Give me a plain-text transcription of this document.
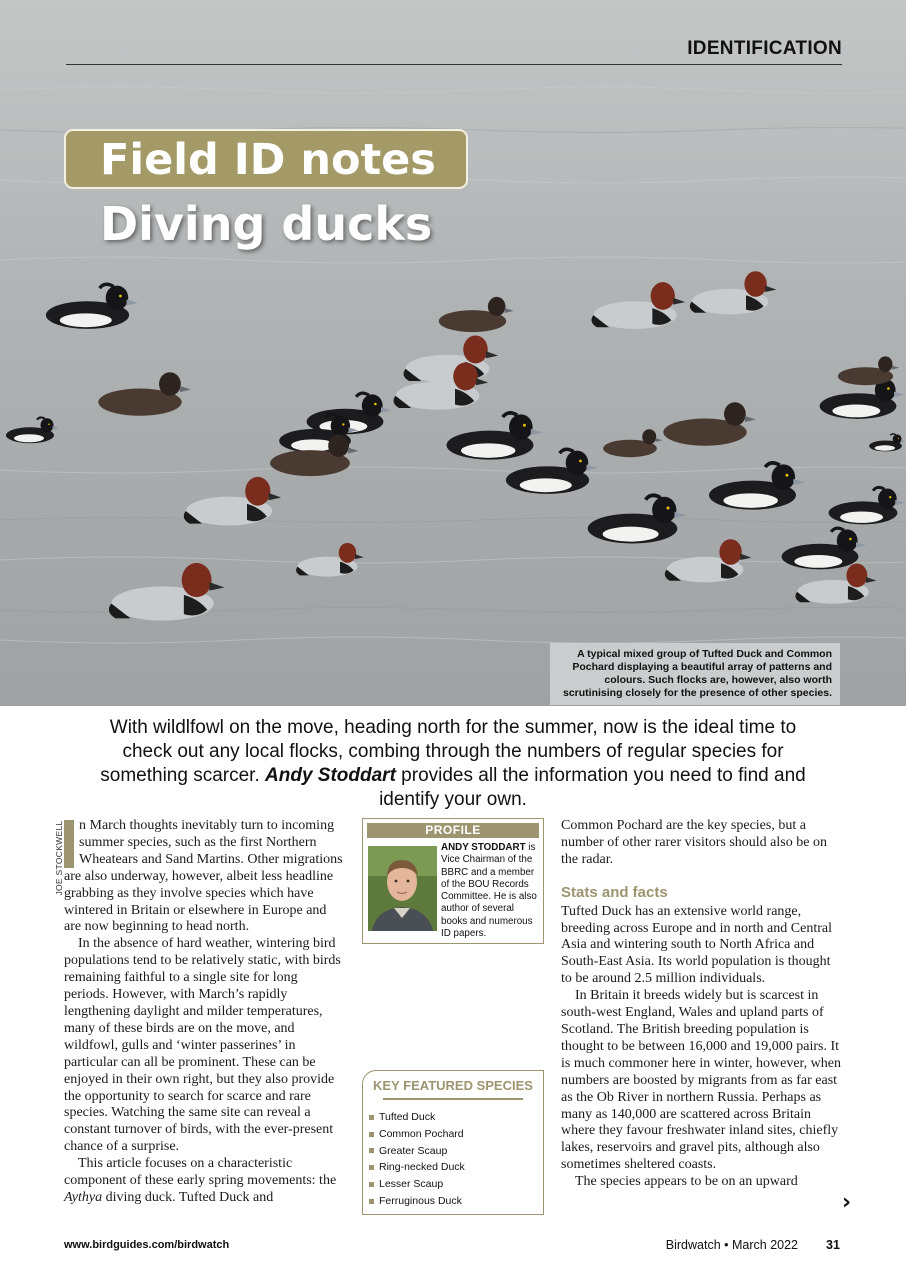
IDENTIFICATION
Field ID notes
Diving ducks
A typical mixed group of Tufted Duck and Common Pochard displaying a beautiful array of patterns and colours. Such flocks are, however, also worth scrutinising closely for the presence of other species.
With wildlfowl on the move, heading north for the summer, now is the ideal time to check out any local flocks, combing through the numbers of regular species for something scarcer. Andy Stoddart provides all the information you need to find and identify your own.
JOE STOCKWELL	n March thoughts inevitably turn to incoming summer species, such as the first Northern Wheatears and Sand Martins. Other migrations are also underway, however, albeit less headline grabbing as they involve species which have wintered in Britain or elsewhere in Europe and are now beginning to head north.

In the absence of hard weather, wintering bird populations tend to be relatively static, with birds remaining faithful to a single site for long periods. However, with March’s rapidly lengthening daylight and milder temperatures, many of these birds are on the move, and wildfowl, gulls and ‘winter passerines’ in particular can all be prominent. These can be enjoyed in their own right, but they also provide the opportunity to search for scarce and rare species. Watching the same site can reveal a constant turnover of birds, with the ever-present chance of a surprise.

This article focuses on a characteristic component of these early spring movements: the Aythya diving duck. Tufted Duck and

PROFILE
ANDY STODDART is Vice Chairman of the BBRC and a member of the BOU Records Committee. He is also author of several books and numerous ID papers.
KEY FEATURED SPECIES
Tufted Duck
Common Pochard
Greater Scaup
Ring-necked Duck
Lesser Scaup
Ferruginous Duck

Common Pochard are the key species, but a number of other rarer visitors should also be on the radar.

Stats and facts

Tufted Duck has an extensive world range, breeding across Europe and in north and Central Asia and wintering south to North Africa and South-East Asia. Its world population is thought to be around 2.5 million individuals.

In Britain it breeds widely but is scarcest in south-west England, Wales and upland parts of Scotland. The British breeding population is thought to be between 16,000 and 19,000 pairs. It is much commoner here in winter, however, when numbers are boosted by migrants from as far east as the Ob River in northern Russia. Perhaps as many as 140,000 are scattered across Britain where they favour freshwater inland sites, chiefly lakes, reservoirs and gravel pits, although also sometimes sheltered coasts.

The species appears to be on an upward

›
www.birdguides.com/birdwatch	Birdwatch • March 2022 31
